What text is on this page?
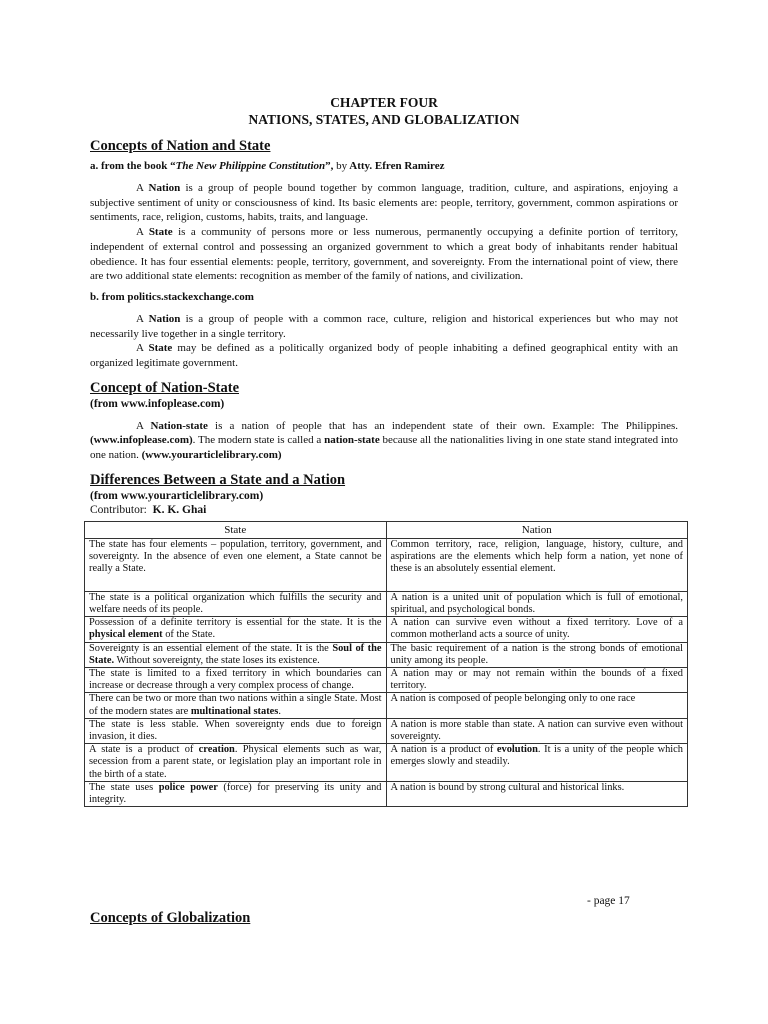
CHAPTER FOUR
NATIONS, STATES, AND GLOBALIZATION
Concepts of Nation and State

a. from the book “The New Philippine Constitution”, by Atty. Efren Ramirez

A Nation is a group of people bound together by common language, tradition, culture, and aspirations, enjoying a subjective sentiment of unity or consciousness of kind. Its basic elements are: people, territory, government, common aspirations or sentiments, race, religion, customs, habits, traits, and language.

A State is a community of persons more or less numerous, permanently occupying a definite portion of territory, independent of external control and possessing an organized government to which a great body of inhabitants render habitual obedience. It has four essential elements: people, territory, government, and sovereignty. From the international point of view, there are two additional state elements: recognition as member of the family of nations, and civilization.

b. from politics.stackexchange.com

A Nation is a group of people with a common race, culture, religion and historical experiences but who may not necessarily live together in a single territory.

A State may be defined as a politically organized body of people inhabiting a defined geographical entity with an organized legitimate government.

Concept of Nation-State

(from www.infoplease.com)

A Nation-state is a nation of people that has an independent state of their own. Example: The Philippines. (www.infoplease.com). The modern state is called a nation-state because all the nationalities living in one state stand integrated into one nation. (www.yourarticlelibrary.com)

Differences Between a State and a Nation

(from www.yourarticlelibrary.com)

Contributor: K. K. Ghai

State	Nation
The state has four elements – population, territory, government, and sovereignty. In the absence of even one element, a State cannot be really a State.	Common territory, race, religion, language, history, culture, and aspirations are the elements which help form a nation, yet none of these is an absolutely essential element.
The state is a political organization which fulfills the security and welfare needs of its people.	A nation is a united unit of population which is full of emotional, spiritual, and psychological bonds.
Possession of a definite territory is essential for the state. It is the physical element of the State.	A nation can survive even without a fixed territory. Love of a common motherland acts a source of unity.
Sovereignty is an essential element of the state. It is the Soul of the State. Without sovereignty, the state loses its existence.	The basic requirement of a nation is the strong bonds of emotional unity among its people.
The state is limited to a fixed territory in which boundaries can increase or decrease through a very complex process of change.	A nation may or may not remain within the bounds of a fixed territory.
There can be two or more than two nations within a single State. Most of the modern states are multinational states.	A nation is composed of people belonging only to one race
The state is less stable. When sovereignty ends due to foreign invasion, it dies.	A nation is more stable than state. A nation can survive even without sovereignty.
A state is a product of creation. Physical elements such as war, secession from a parent state, or legislation play an important role in the birth of a state.	A nation is a product of evolution. It is a unity of the people which emerges slowly and steadily.
The state uses police power (force) for preserving its unity and integrity.	A nation is bound by strong cultural and historical links.
- page 17
Concepts of Globalization
